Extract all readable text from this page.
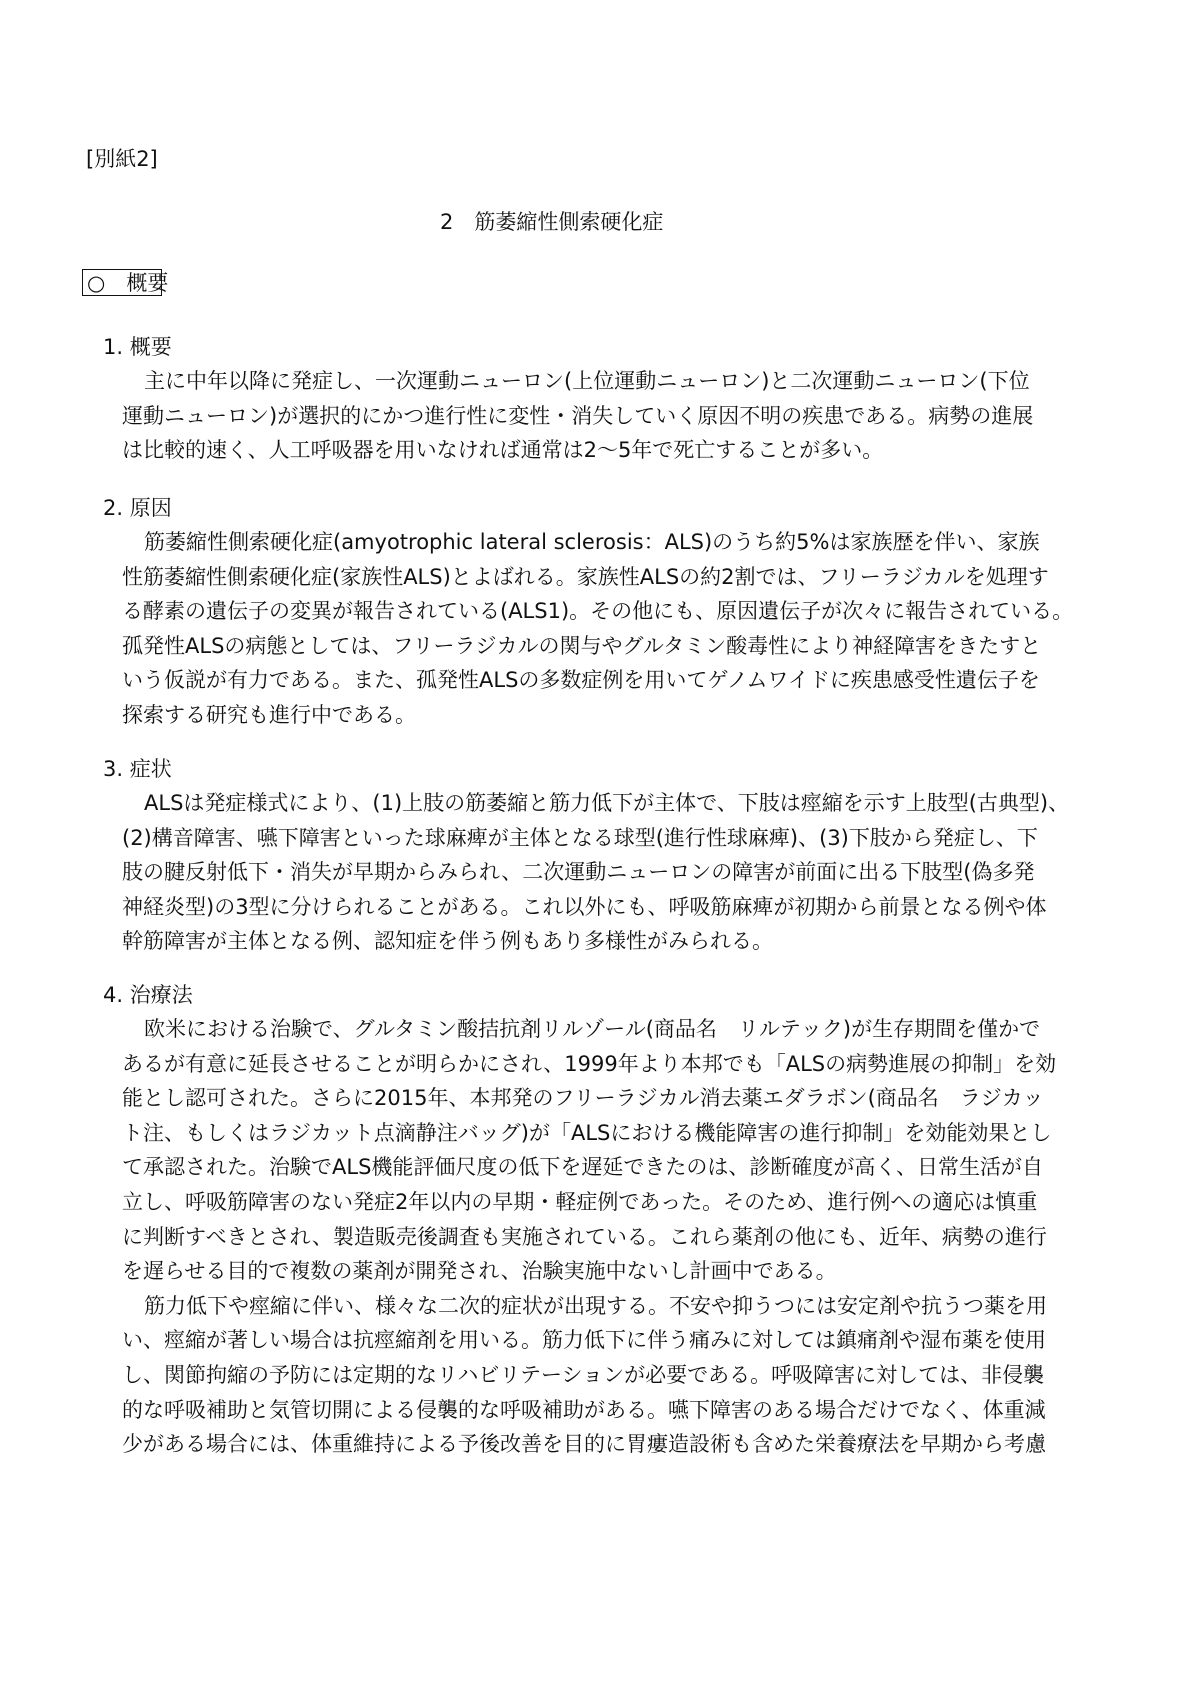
[別紙2]
2　筋萎縮性側索硬化症
○　概要
1. 概要
主に中年以降に発症し、一次運動ニューロン(上位運動ニューロン)と二次運動ニューロン(下位
運動ニューロン)が選択的にかつ進行性に変性・消失していく原因不明の疾患である。病勢の進展
は比較的速く、人工呼吸器を用いなければ通常は2～5年で死亡することが多い。
2. 原因
筋萎縮性側索硬化症(amyotrophic lateral sclerosis：ALS)のうち約5%は家族歴を伴い、家族
性筋萎縮性側索硬化症(家族性ALS)とよばれる。家族性ALSの約2割では、フリーラジカルを処理す
る酵素の遺伝子の変異が報告されている(ALS1)。その他にも、原因遺伝子が次々に報告されている。
孤発性ALSの病態としては、フリーラジカルの関与やグルタミン酸毒性により神経障害をきたすと
いう仮説が有力である。また、孤発性ALSの多数症例を用いてゲノムワイドに疾患感受性遺伝子を
探索する研究も進行中である。
3. 症状
ALSは発症様式により、(1)上肢の筋萎縮と筋力低下が主体で、下肢は痙縮を示す上肢型(古典型)、
(2)構音障害、嚥下障害といった球麻痺が主体となる球型(進行性球麻痺)、(3)下肢から発症し、下
肢の腱反射低下・消失が早期からみられ、二次運動ニューロンの障害が前面に出る下肢型(偽多発
神経炎型)の3型に分けられることがある。これ以外にも、呼吸筋麻痺が初期から前景となる例や体
幹筋障害が主体となる例、認知症を伴う例もあり多様性がみられる。
4. 治療法
欧米における治験で、グルタミン酸拮抗剤リルゾール(商品名　リルテック)が生存期間を僅かで
あるが有意に延長させることが明らかにされ、1999年より本邦でも「ALSの病勢進展の抑制」を効
能とし認可された。さらに2015年、本邦発のフリーラジカル消去薬エダラボン(商品名　ラジカッ
ト注、もしくはラジカット点滴静注バッグ)が「ALSにおける機能障害の進行抑制」を効能効果とし
て承認された。治験でALS機能評価尺度の低下を遅延できたのは、診断確度が高く、日常生活が自
立し、呼吸筋障害のない発症2年以内の早期・軽症例であった。そのため、進行例への適応は慎重
に判断すべきとされ、製造販売後調査も実施されている。これら薬剤の他にも、近年、病勢の進行
を遅らせる目的で複数の薬剤が開発され、治験実施中ないし計画中である。
筋力低下や痙縮に伴い、様々な二次的症状が出現する。不安や抑うつには安定剤や抗うつ薬を用
い、痙縮が著しい場合は抗痙縮剤を用いる。筋力低下に伴う痛みに対しては鎮痛剤や湿布薬を使用
し、関節拘縮の予防には定期的なリハビリテーションが必要である。呼吸障害に対しては、非侵襲
的な呼吸補助と気管切開による侵襲的な呼吸補助がある。嚥下障害のある場合だけでなく、体重減
少がある場合には、体重維持による予後改善を目的に胃瘻造設術も含めた栄養療法を早期から考慮
